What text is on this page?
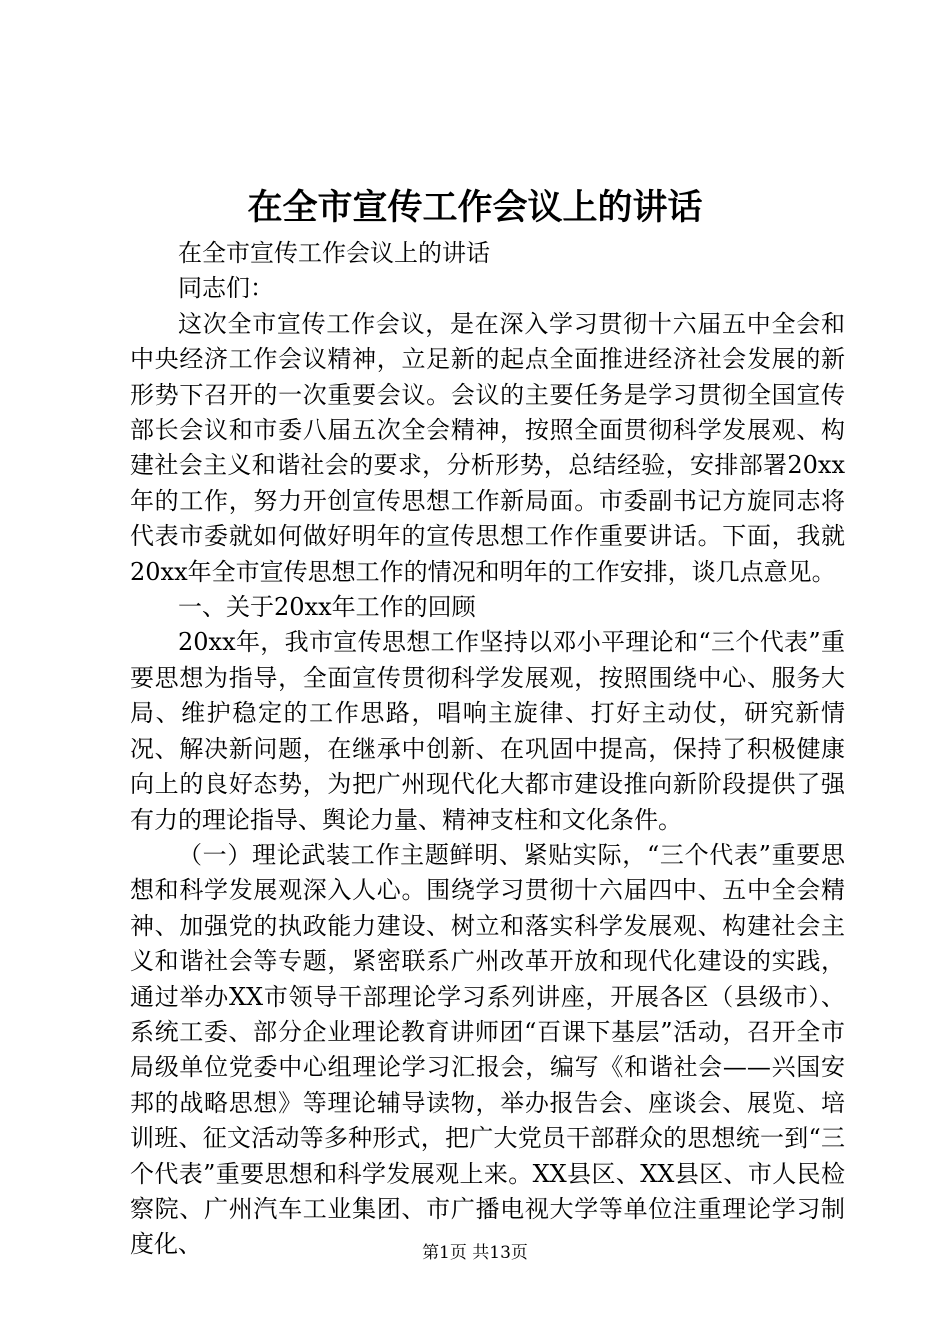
在全市宣传工作会议上的讲话

在全市宣传工作会议上的讲话

同志们：

这次全市宣传工作会议，是在深入学习贯彻十六届五中全会和中央经济工作会议精神，立足新的起点全面推进经济社会发展的新形势下召开的一次重要会议。会议的主要任务是学习贯彻全国宣传部长会议和市委八届五次全会精神，按照全面贯彻科学发展观、构建社会主义和谐社会的要求，分析形势，总结经验，安排部署20xx年的工作，努力开创宣传思想工作新局面。市委副书记方旋同志将代表市委就如何做好明年的宣传思想工作作重要讲话。下面，我就20xx年全市宣传思想工作的情况和明年的工作安排，谈几点意见。

一、关于20xx年工作的回顾

20xx年，我市宣传思想工作坚持以邓小平理论和“三个代表”重要思想为指导，全面宣传贯彻科学发展观，按照围绕中心、服务大局、维护稳定的工作思路，唱响主旋律、打好主动仗，研究新情况、解决新问题，在继承中创新、在巩固中提高，保持了积极健康向上的良好态势，为把广州现代化大都市建设推向新阶段提供了强有力的理论指导、舆论力量、精神支柱和文化条件。

（一）理论武装工作主题鲜明、紧贴实际，“三个代表”重要思想和科学发展观深入人心。围绕学习贯彻十六届四中、五中全会精神、加强党的执政能力建设、树立和落实科学发展观、构建社会主义和谐社会等专题，紧密联系广州改革开放和现代化建设的实践，通过举办XX市领导干部理论学习系列讲座，开展各区（县级市）、系统工委、部分企业理论教育讲师团“百课下基层”活动，召开全市局级单位党委中心组理论学习汇报会，编写《和谐社会——兴国安邦的战略思想》等理论辅导读物，举办报告会、座谈会、展览、培训班、征文活动等多种形式，把广大党员干部群众的思想统一到“三个代表”重要思想和科学发展观上来。XX县区、XX县区、市人民检察院、广州汽车工业集团、市广播电视大学等单位注重理论学习制度化、	第1页 共13页
